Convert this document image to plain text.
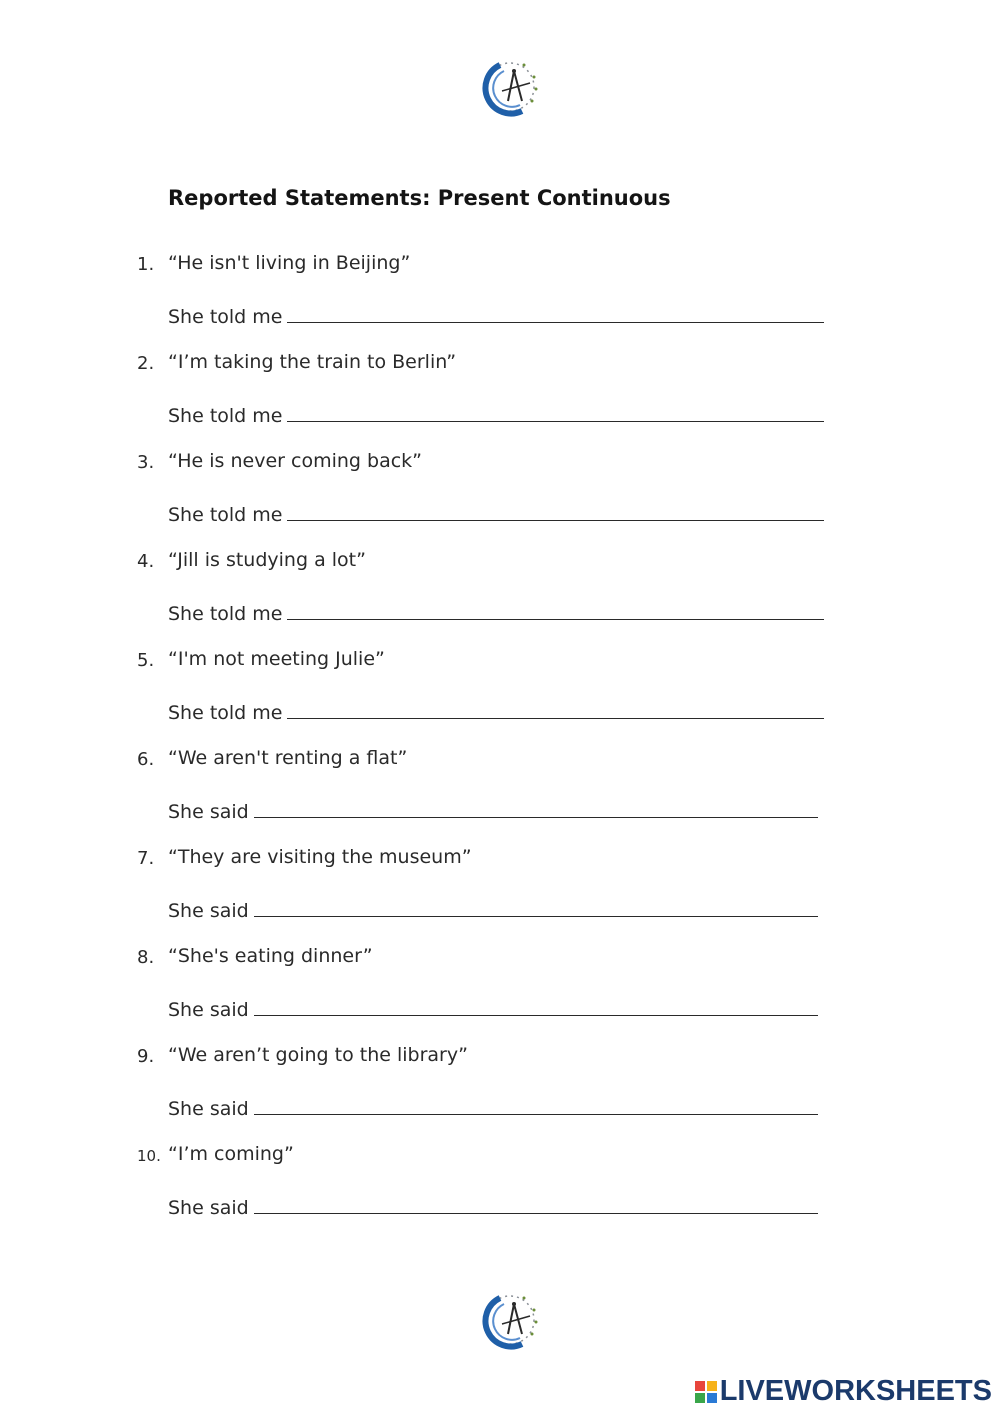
Reported Statements: Present Continuous
1. “He isn't living in Beijing”
She told me
2. “I’m taking the train to Berlin”
She told me
3. “He is never coming back”
She told me
4. “Jill is studying a lot”
She told me
5. “I'm not meeting Julie”
She told me
6. “We aren't renting a flat”
She said
7. “They are visiting the museum”
She said
8. “She's eating dinner”
She said
9. “We aren’t going to the library”
She said
10. “I’m coming”
She said
LIVEWORKSHEETS
